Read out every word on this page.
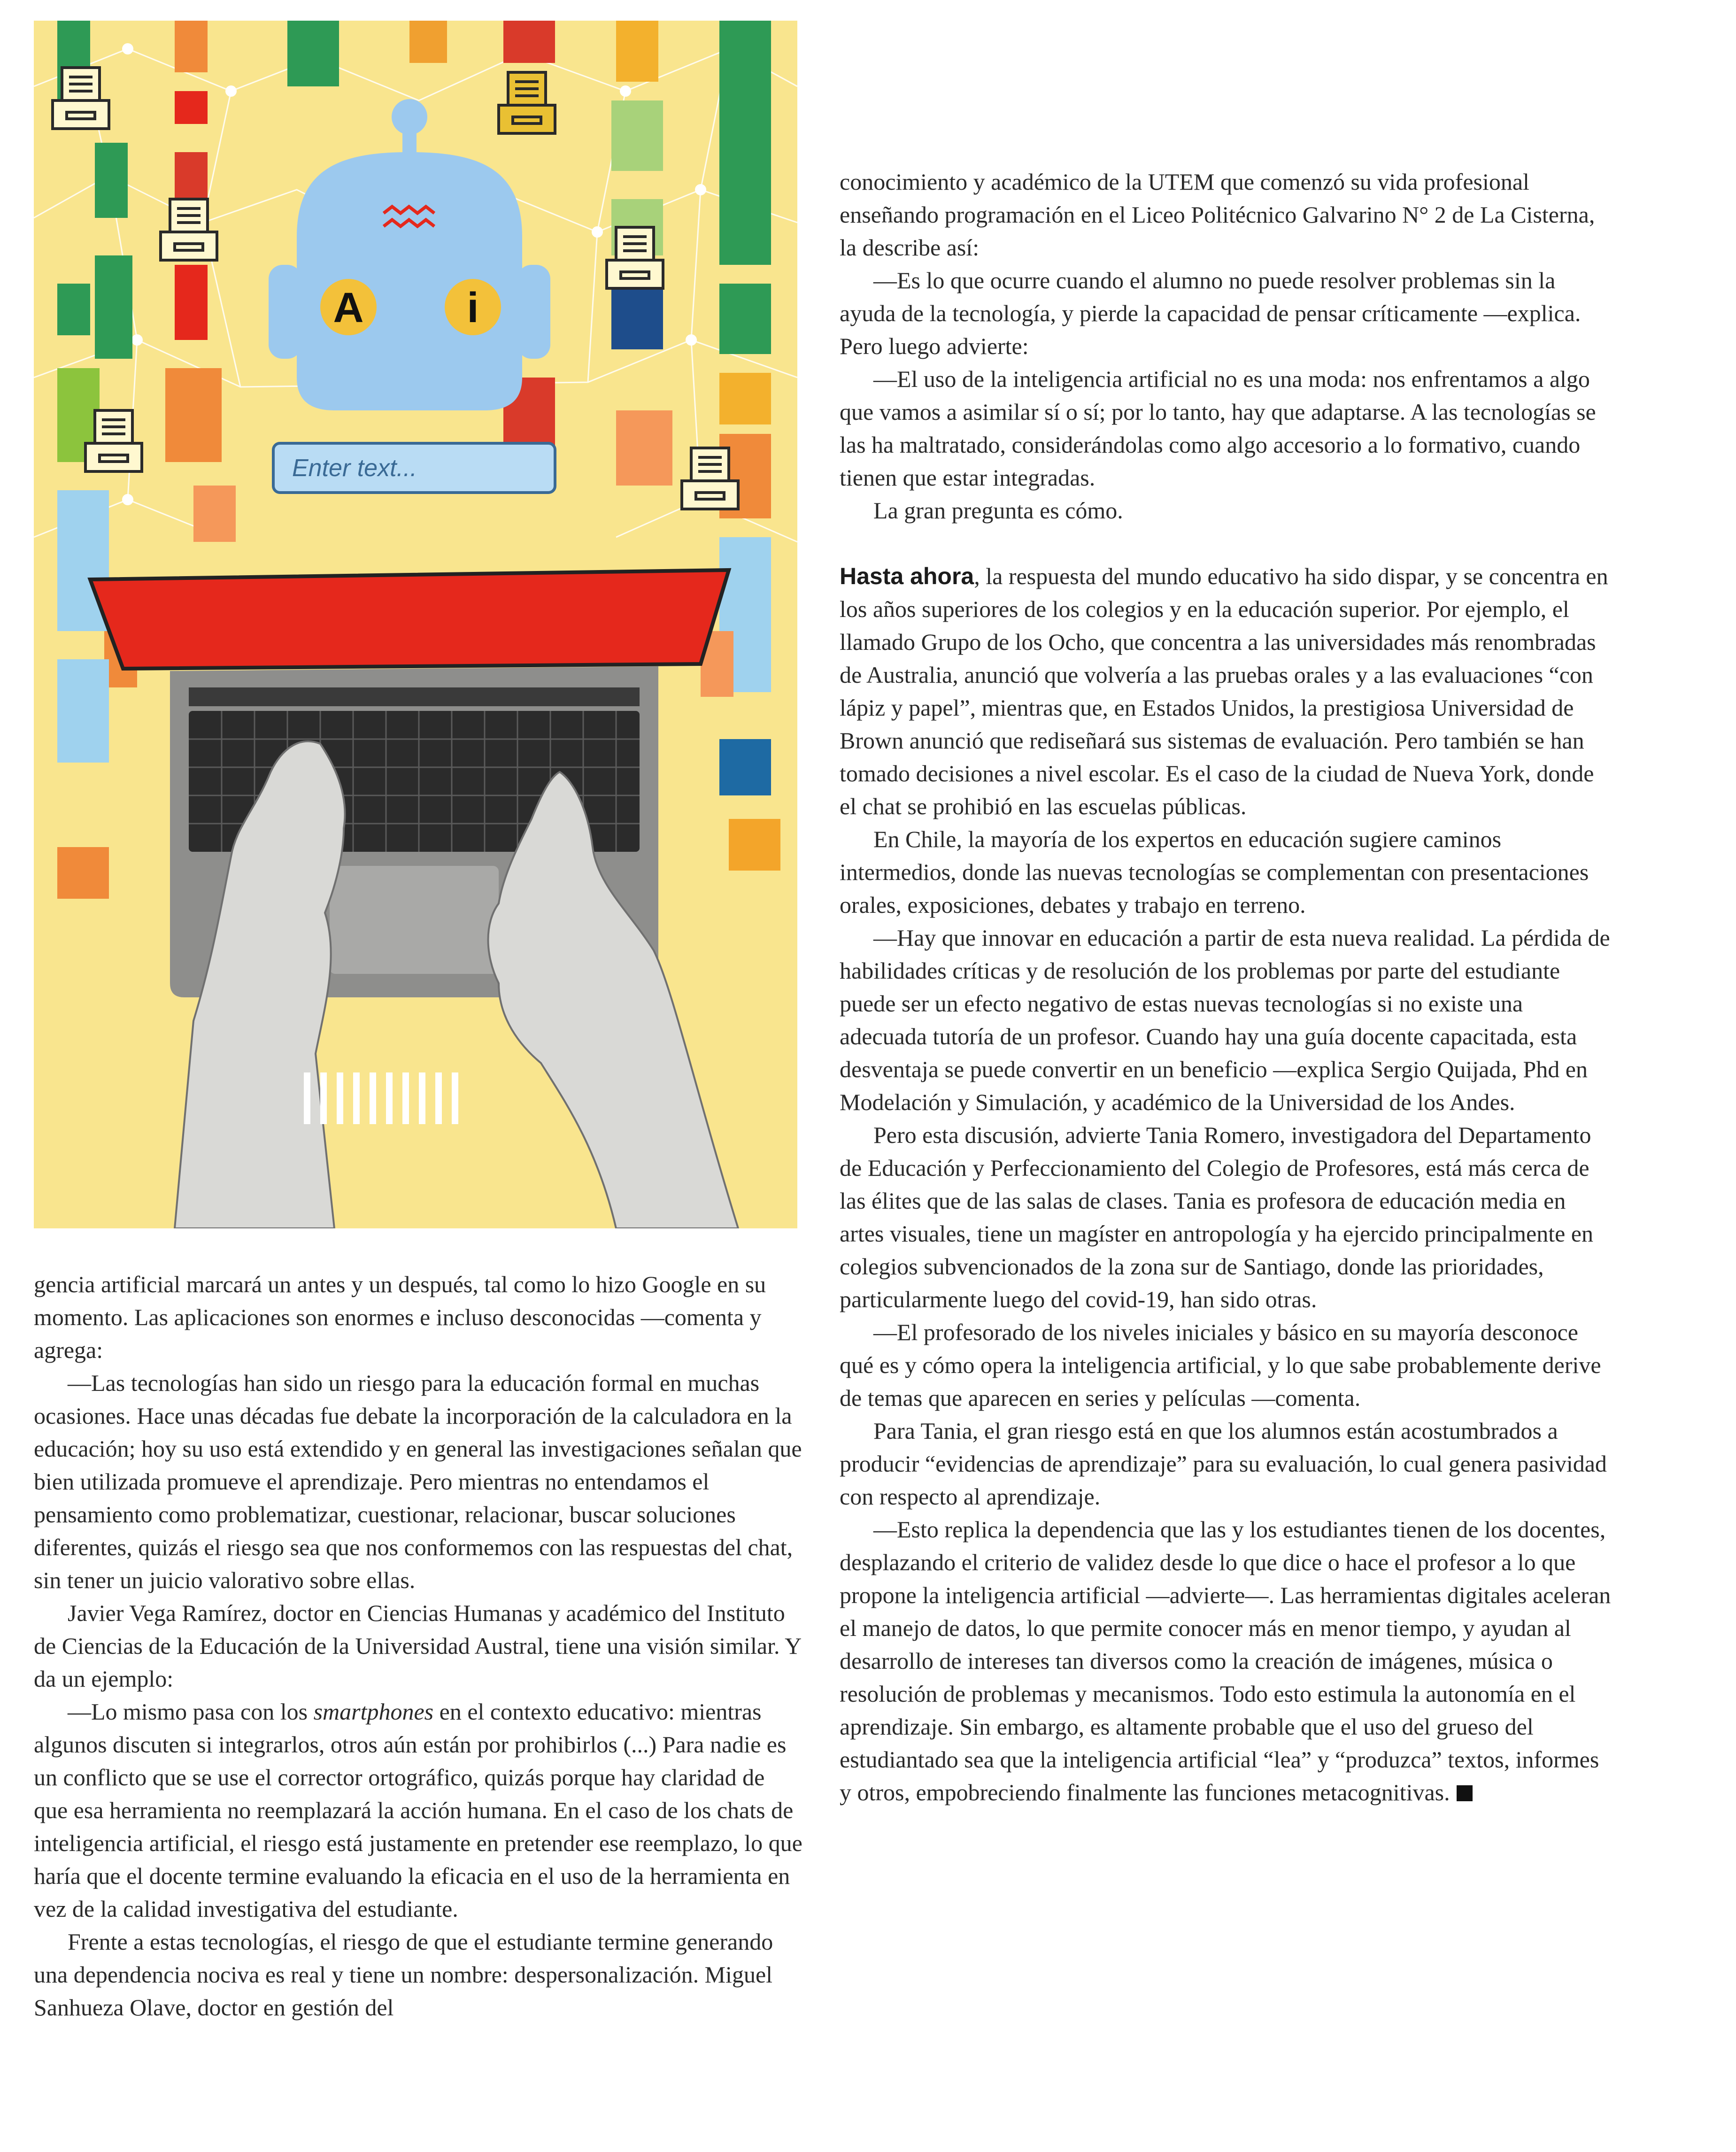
A i
Enter text...

gencia artificial marcará un antes y un después, tal como lo hizo Google en su momento. Las aplicaciones son enormes e incluso desconocidas —comenta y agrega:

—Las tecnologías han sido un riesgo para la educación formal en muchas ocasiones. Hace unas décadas fue debate la incorporación de la calculadora en la educación; hoy su uso está extendido y en general las investigaciones señalan que bien utilizada promueve el aprendizaje. Pero mientras no entendamos el pensamiento como problematizar, cuestionar, relacionar, buscar soluciones diferentes, quizás el riesgo sea que nos conformemos con las respuestas del chat, sin tener un juicio valorativo sobre ellas.

Javier Vega Ramírez, doctor en Ciencias Humanas y académico del Instituto de Ciencias de la Educación de la Universidad Austral, tiene una visión similar. Y da un ejemplo:

—Lo mismo pasa con los smartphones en el contexto educativo: mientras algunos discuten si integrarlos, otros aún están por prohibirlos (...) Para nadie es un conflicto que se use el corrector ortográfico, quizás porque hay claridad de que esa herramienta no reemplazará la acción humana. En el caso de los chats de inteligencia artificial, el riesgo está justamente en pretender ese reemplazo, lo que haría que el docente termine evaluando la eficacia en el uso de la herramienta en vez de la calidad investigativa del estudiante.

Frente a estas tecnologías, el riesgo de que el estudiante termine generando una dependencia nociva es real y tiene un nombre: despersonalización. Miguel Sanhueza Olave, doctor en gestión del

conocimiento y académico de la UTEM que comenzó su vida profesional enseñando programación en el Liceo Politécnico Galvarino N° 2 de La Cisterna, la describe así:

—Es lo que ocurre cuando el alumno no puede resolver problemas sin la ayuda de la tecnología, y pierde la capacidad de pensar críticamente —explica. Pero luego advierte:

—El uso de la inteligencia artificial no es una moda: nos enfrentamos a algo que vamos a asimilar sí o sí; por lo tanto, hay que adaptarse. A las tecnologías se las ha maltratado, considerándolas como algo accesorio a lo formativo, cuando tienen que estar integradas.

La gran pregunta es cómo.

Hasta ahora, la respuesta del mundo educativo ha sido dispar, y se concentra en los años superiores de los colegios y en la educación superior. Por ejemplo, el llamado Grupo de los Ocho, que concentra a las universidades más renombradas de Australia, anunció que volvería a las pruebas orales y a las evaluaciones “con lápiz y papel”, mientras que, en Estados Unidos, la prestigiosa Universidad de Brown anunció que rediseñará sus sistemas de evaluación. Pero también se han tomado decisiones a nivel escolar. Es el caso de la ciudad de Nueva York, donde el chat se prohibió en las escuelas públicas.

En Chile, la mayoría de los expertos en educación sugiere caminos intermedios, donde las nuevas tecnologías se complementan con presentaciones orales, exposiciones, debates y trabajo en terreno.

—Hay que innovar en educación a partir de esta nueva realidad. La pérdida de habilidades críticas y de resolución de los problemas por parte del estudiante puede ser un efecto negativo de estas nuevas tecnologías si no existe una adecuada tutoría de un profesor. Cuando hay una guía docente capacitada, esta desventaja se puede convertir en un beneficio —explica Sergio Quijada, Phd en Modelación y Simulación, y académico de la Universidad de los Andes.

Pero esta discusión, advierte Tania Romero, investigadora del Departamento de Educación y Perfeccionamiento del Colegio de Profesores, está más cerca de las élites que de las salas de clases. Tania es profesora de educación media en artes visuales, tiene un magíster en antropología y ha ejercido principalmente en colegios subvencionados de la zona sur de Santiago, donde las prioridades, particularmente luego del covid-19, han sido otras.

—El profesorado de los niveles iniciales y básico en su mayoría desconoce qué es y cómo opera la inteligencia artificial, y lo que sabe probablemente derive de temas que aparecen en series y películas —comenta.

Para Tania, el gran riesgo está en que los alumnos están acostumbrados a producir “evidencias de aprendizaje” para su evaluación, lo cual genera pasividad con respecto al aprendizaje.

—Esto replica la dependencia que las y los estudiantes tienen de los docentes, desplazando el criterio de validez desde lo que dice o hace el profesor a lo que propone la inteligencia artificial —advierte—. Las herramientas digitales aceleran el manejo de datos, lo que permite conocer más en menor tiempo, y ayudan al desarrollo de intereses tan diversos como la creación de imágenes, música o resolución de problemas y mecanismos. Todo esto estimula la autonomía en el aprendizaje. Sin embargo, es altamente probable que el uso del grueso del estudiantado sea que la inteligencia artificial “lea” y “produzca” textos, informes y otros, empobreciendo finalmente las funciones metacognitivas.
